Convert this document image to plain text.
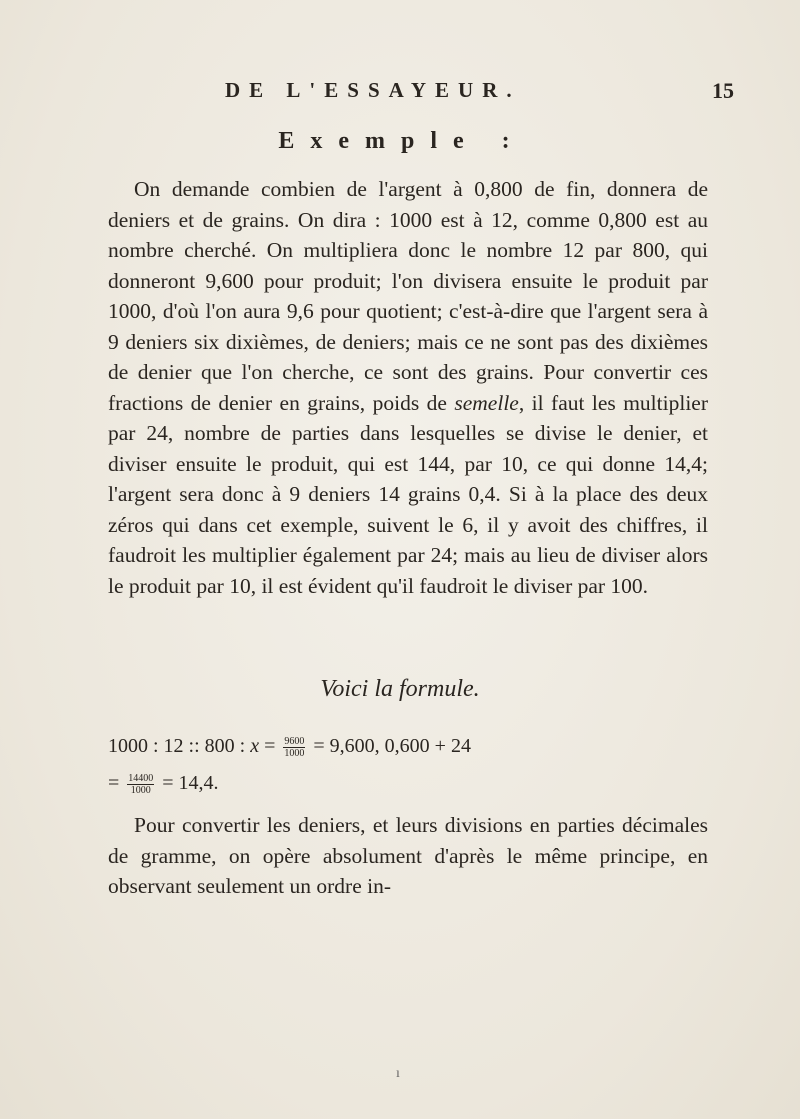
DE L'ESSAYEUR.	15
Exemple :

On demande combien de l'argent à 0,800 de fin, donnera de deniers et de grains. On dira : 1000 est à 12, comme 0,800 est au nombre cherché. On multipliera donc le nombre 12 par 800, qui donneront 9,600 pour produit; l'on divisera ensuite le produit par 1000, d'où l'on aura 9,6 pour quotient; c'est-à-dire que l'argent sera à 9 deniers six dixièmes, de deniers; mais ce ne sont pas des dixièmes de denier que l'on cherche, ce sont des grains. Pour convertir ces fractions de denier en grains, poids de semelle, il faut les multiplier par 24, nombre de parties dans lesquelles se divise le denier, et diviser ensuite le produit, qui est 144, par 10, ce qui donne 14,4; l'argent sera donc à 9 deniers 14 grains 0,4. Si à la place des deux zéros qui dans cet exemple, suivent le 6, il y avoit des chiffres, il faudroit les multiplier également par 24; mais au lieu de diviser alors le produit par 10, il est évident qu'il faudroit le diviser par 100.

Voici la formule.
1000 : 12 :: 800 : $x = \frac{9600}{1000} = 9,600$, 0,600 + 24
= $\frac{14400}{1000} = 14,4$.

Pour convertir les deniers, et leurs divisions en parties décimales de gramme, on opère absolument d'après le même principe, en observant seulement un ordre in-

ı
